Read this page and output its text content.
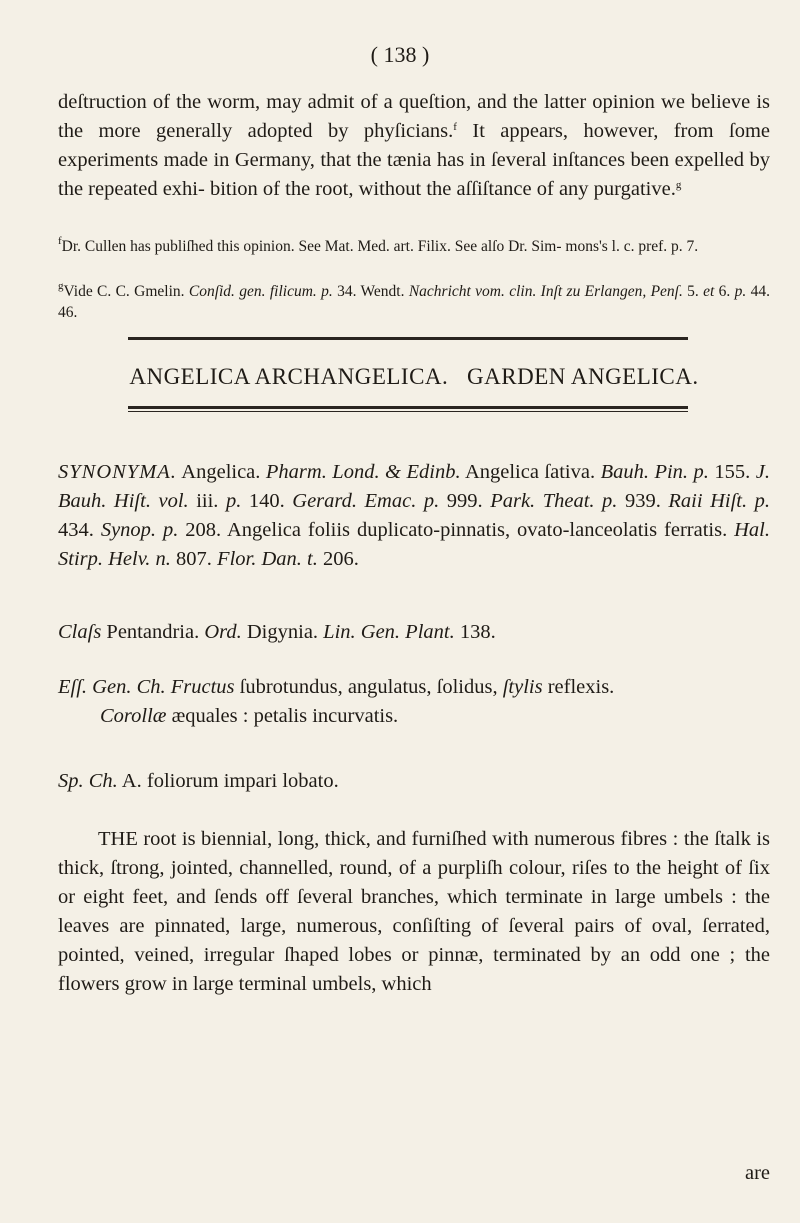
( 138 )
deſtruction of the worm, may admit of a queſtion, and the latter opinion we believe is the more generally adopted by phyſicians.$^f$ It appears, however, from ſome experiments made in Germany, that the tænia has in ſeveral inſtances been expelled by the repeated exhi- bition of the root, without the aſſiſtance of any purgative.$^g$
$^f$Dr. Cullen has publiſhed this opinion. See Mat. Med. art. Filix. See alſo Dr. Sim- mons's l. c. pref. p. 7.
$^g$Vide C. C. Gmelin. Conſid. gen. filicum. p. 34. Wendt. Nachricht vom. clin. Inſt zu Erlangen, Penſ. 5. et 6. p. 44. 46.
ANGELICA ARCHANGELICA.   GARDEN ANGELICA.
SYNONYMA. Angelica. Pharm. Lond. & Edinb. Angelica ſativa. Bauh. Pin. p. 155. J. Bauh. Hiſt. vol. iii. p. 140. Gerard. Emac. p. 999. Park. Theat. p. 939. Raii Hiſt. p. 434. Synop. p. 208. Angelica foliis duplicato-pinnatis, ovato-lanceolatis ferratis. Hal. Stirp. Helv. n. 807. Flor. Dan. t. 206.
Claſs Pentandria. Ord. Digynia. Lin. Gen. Plant. 138.
Eſſ. Gen. Ch. Fructus ſubrotundus, angulatus, ſolidus, ſtylis reflexis.
Corollæ æquales : petalis incurvatis.
Sp. Ch. A. foliorum impari lobato.
THE root is biennial, long, thick, and furniſhed with numerous fibres : the ſtalk is thick, ſtrong, jointed, channelled, round, of a purpliſh colour, riſes to the height of ſix or eight feet, and ſends off ſeveral branches, which terminate in large umbels : the leaves are pinnated, large, numerous, conſiſting of ſeveral pairs of oval, ſerrated, pointed, veined, irregular ſhaped lobes or pinnæ, terminated by an odd one ; the flowers grow in large terminal umbels, which
are
